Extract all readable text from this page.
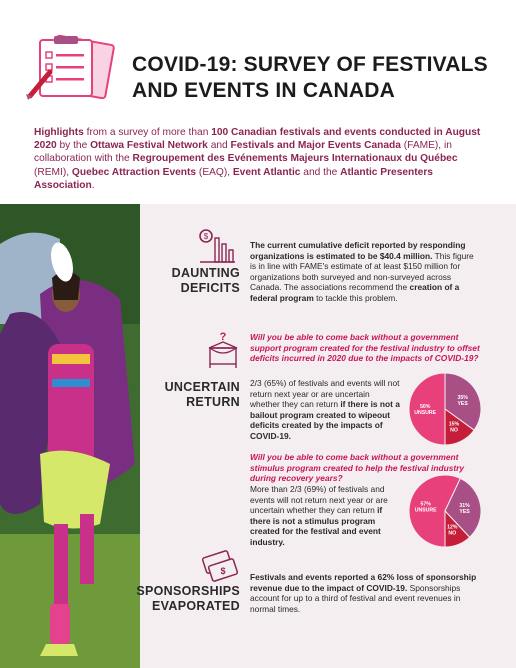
COVID-19: SURVEY OF FESTIVALS AND EVENTS IN CANADA
Highlights from a survey of more than 100 Canadian festivals and events conducted in August 2020 by the Ottawa Festival Network and Festivals and Major Events Canada (FAME), in collaboration with the Regroupement des Evénements Majeurs Internationaux du Québec (REMI), Quebec Attraction Events (EAQ), Event Atlantic and the Atlantic Presenters Association.
$
DAUNTING
DEFICITS
The current cumulative deficit reported by responding organizations is estimated to be $40.4 million. This figure is in line with FAME's estimate of at least $150 million for organizations both surveyed and non-surveyed across Canada. The associations recommend the creation of a federal program to tackle this problem.
?
UNCERTAIN
RETURN
Will you be able to come back without a government support program created for the festival industry to offset deficits incurred in 2020 due to the impacts of COVID-19?
2/3 (65%) of festivals and events will not return next year or are uncertain whether they can return if there is not a bailout program created to wipeout deficits created by the impacts of COVID-19.
50%
UNSURE
35%
YES
15%
NO
Will you be able to come back without a government stimulus program created to help the festival industry during recovery years?
More than 2/3 (69%) of festivals and events will not return next year or are uncertain whether they can return if there is not a stimulus program created for the festival and event industry.
57%
UNSURE
31%
YES
12%
NO
$
SPONSORSHIPS
EVAPORATED
Festivals and events reported a 62% loss of sponsorship revenue due to the impact of COVID-19. Sponsorships account for up to a third of festival and event revenues in normal times.
